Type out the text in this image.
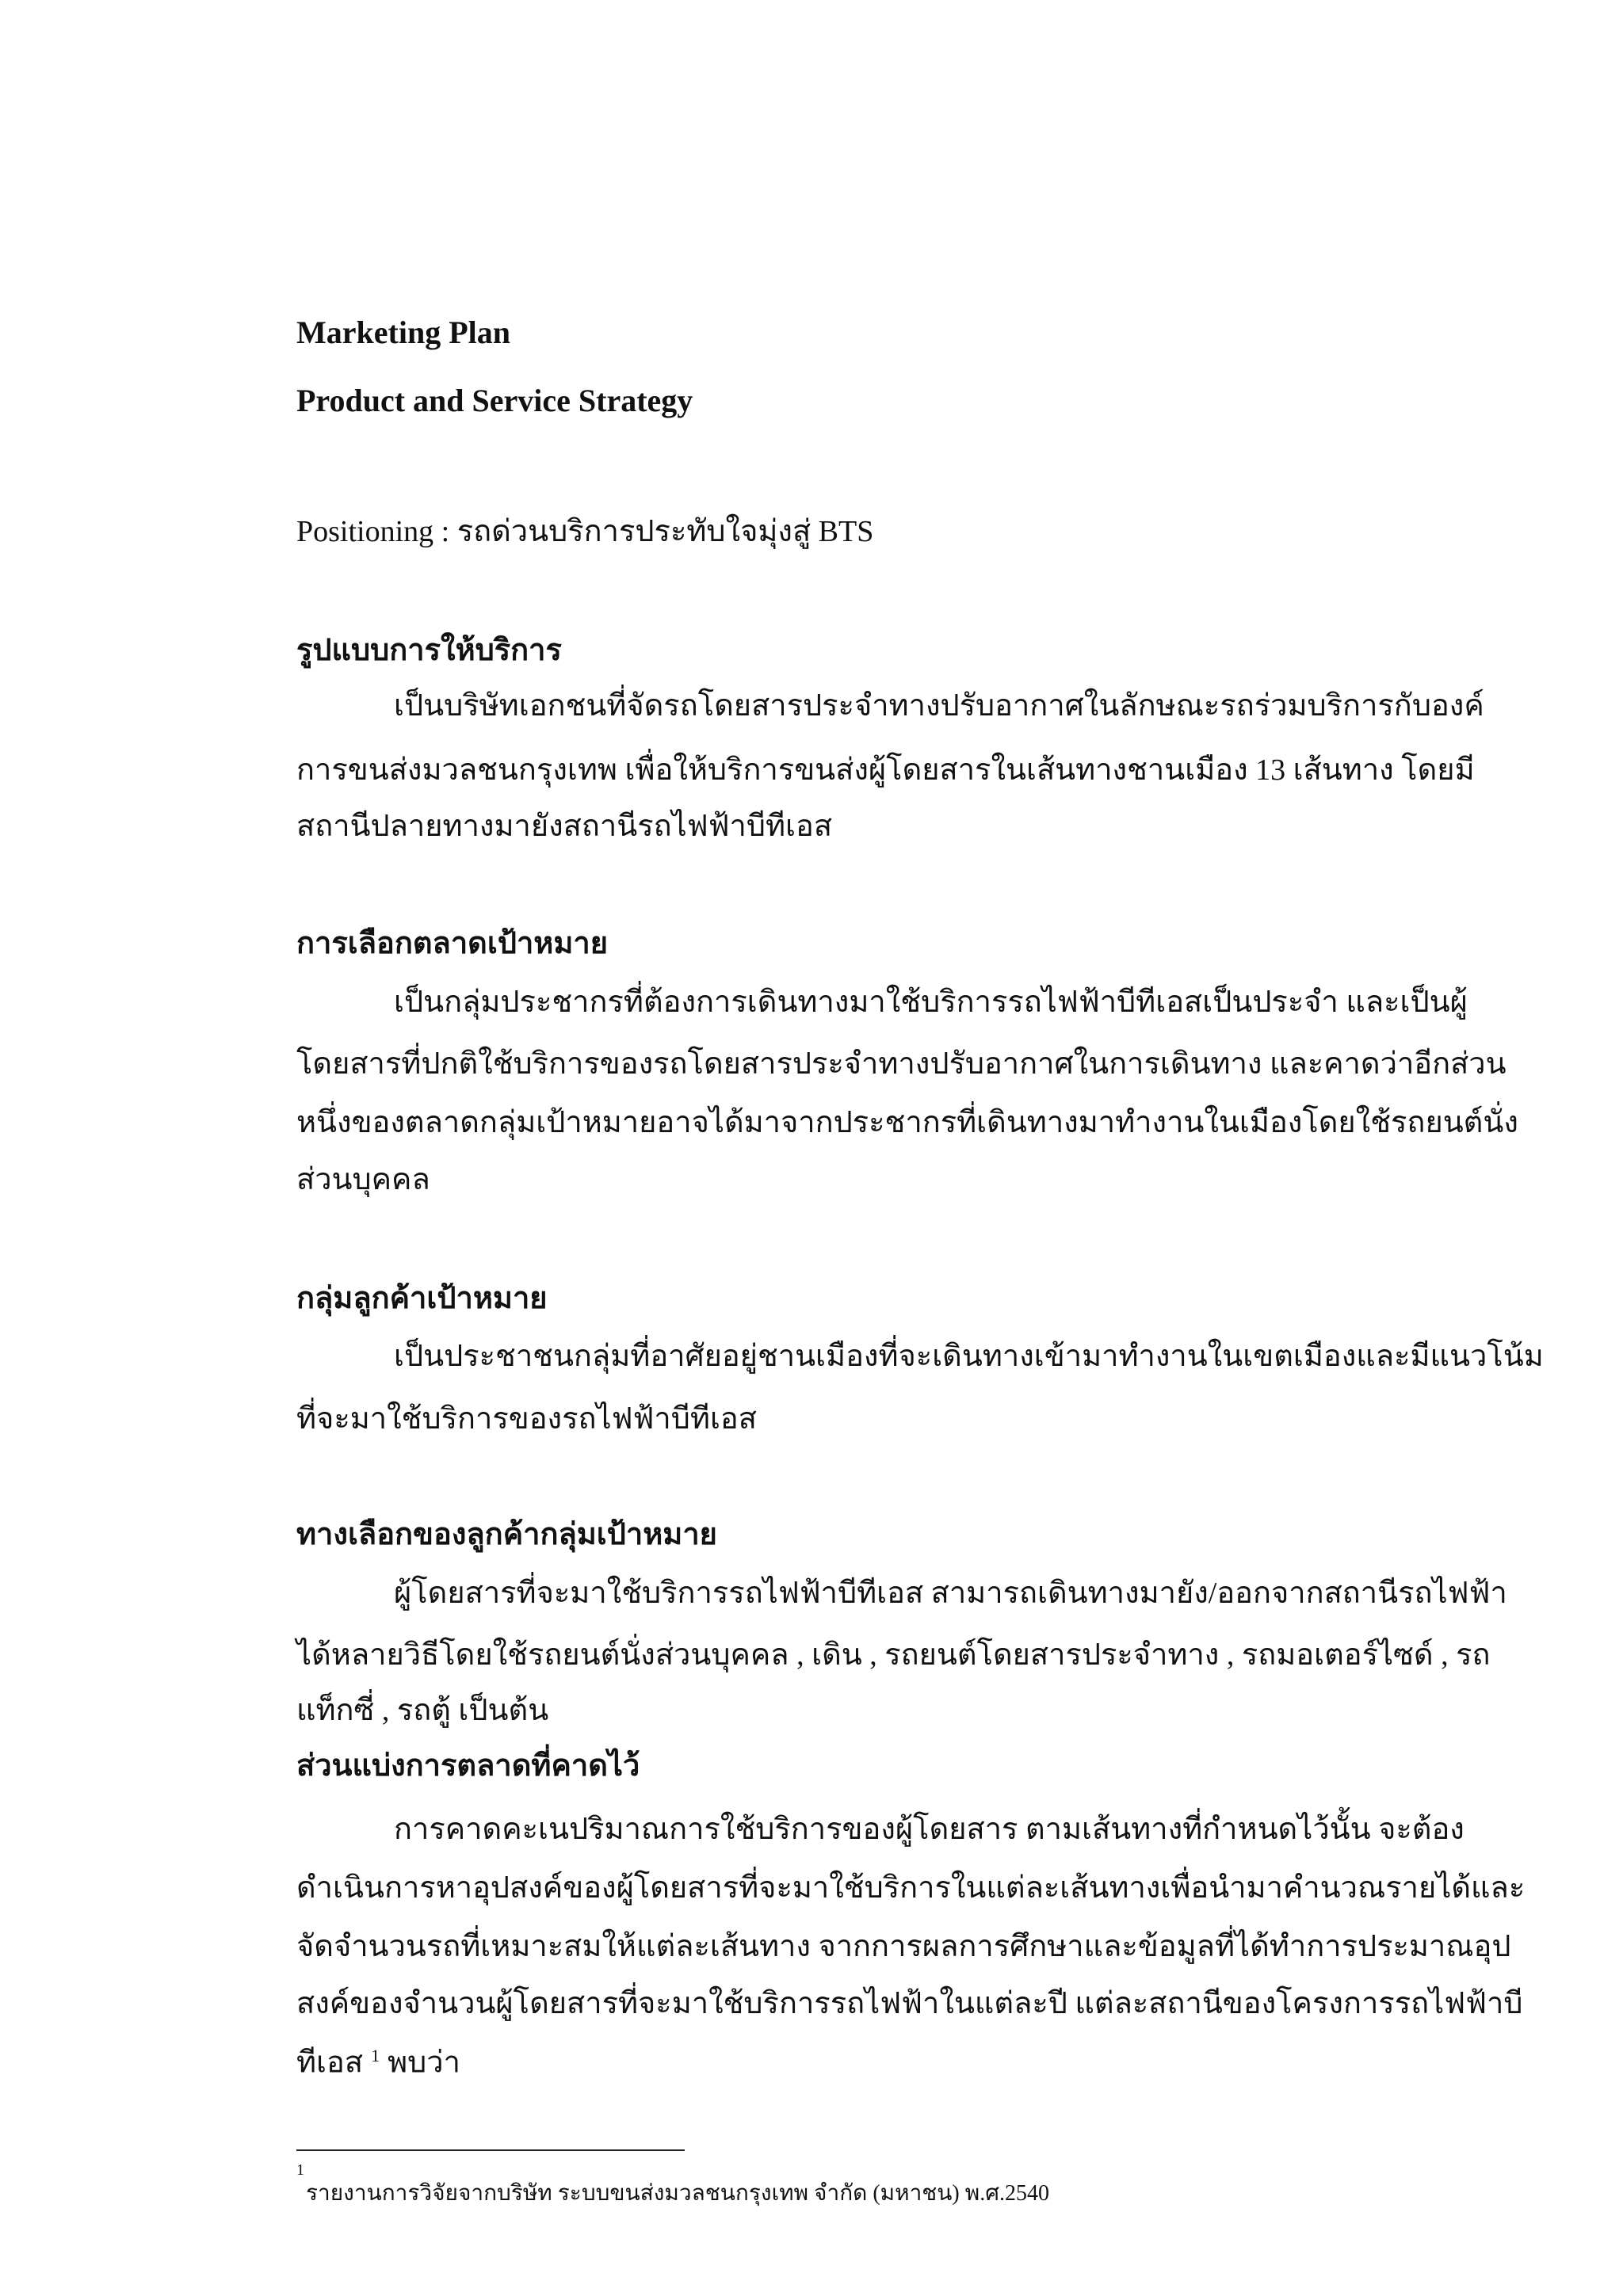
Marketing Plan
Product and Service Strategy
Positioning : รถด่วนบริการประทับใจมุ่งสู่ BTS
รูปแบบการให้บริการ
เป็นบริษัทเอกชนที่จัดรถโดยสารประจำทางปรับอากาศในลักษณะรถร่วมบริการกับองค์
การขนส่งมวลชนกรุงเทพ เพื่อให้บริการขนส่งผู้โดยสารในเส้นทางชานเมือง 13 เส้นทาง โดยมี
สถานีปลายทางมายังสถานีรถไฟฟ้าบีทีเอส
การเลือกตลาดเป้าหมาย
เป็นกลุ่มประชากรที่ต้องการเดินทางมาใช้บริการรถไฟฟ้าบีทีเอสเป็นประจำ และเป็นผู้
โดยสารที่ปกติใช้บริการของรถโดยสารประจำทางปรับอากาศในการเดินทาง และคาดว่าอีกส่วน
หนึ่งของตลาดกลุ่มเป้าหมายอาจได้มาจากประชากรที่เดินทางมาทำงานในเมืองโดยใช้รถยนต์นั่ง
ส่วนบุคคล
กลุ่มลูกค้าเป้าหมาย
เป็นประชาชนกลุ่มที่อาศัยอยู่ชานเมืองที่จะเดินทางเข้ามาทำงานในเขตเมืองและมีแนวโน้ม
ที่จะมาใช้บริการของรถไฟฟ้าบีทีเอส
ทางเลือกของลูกค้ากลุ่มเป้าหมาย
ผู้โดยสารที่จะมาใช้บริการรถไฟฟ้าบีทีเอส สามารถเดินทางมายัง/ออกจากสถานีรถไฟฟ้า
ได้หลายวิธีโดยใช้รถยนต์นั่งส่วนบุคคล , เดิน , รถยนต์โดยสารประจำทาง , รถมอเตอร์ไซด์ , รถ
แท็กซี่ , รถตู้ เป็นต้น
ส่วนแบ่งการตลาดที่คาดไว้
การคาดคะเนปริมาณการใช้บริการของผู้โดยสาร ตามเส้นทางที่กำหนดไว้นั้น จะต้อง
ดำเนินการหาอุปสงค์ของผู้โดยสารที่จะมาใช้บริการในแต่ละเส้นทางเพื่อนำมาคำนวณรายได้และ
จัดจำนวนรถที่เหมาะสมให้แต่ละเส้นทาง จากการผลการศึกษาและข้อมูลที่ได้ทำการประมาณอุป
สงค์ของจำนวนผู้โดยสารที่จะมาใช้บริการรถไฟฟ้าในแต่ละปี แต่ละสถานีของโครงการรถไฟฟ้าบี
ทีเอส $^1$ พบว่า
1
รายงานการวิจัยจากบริษัท ระบบขนส่งมวลชนกรุงเทพ จำกัด (มหาชน) พ.ศ.2540
